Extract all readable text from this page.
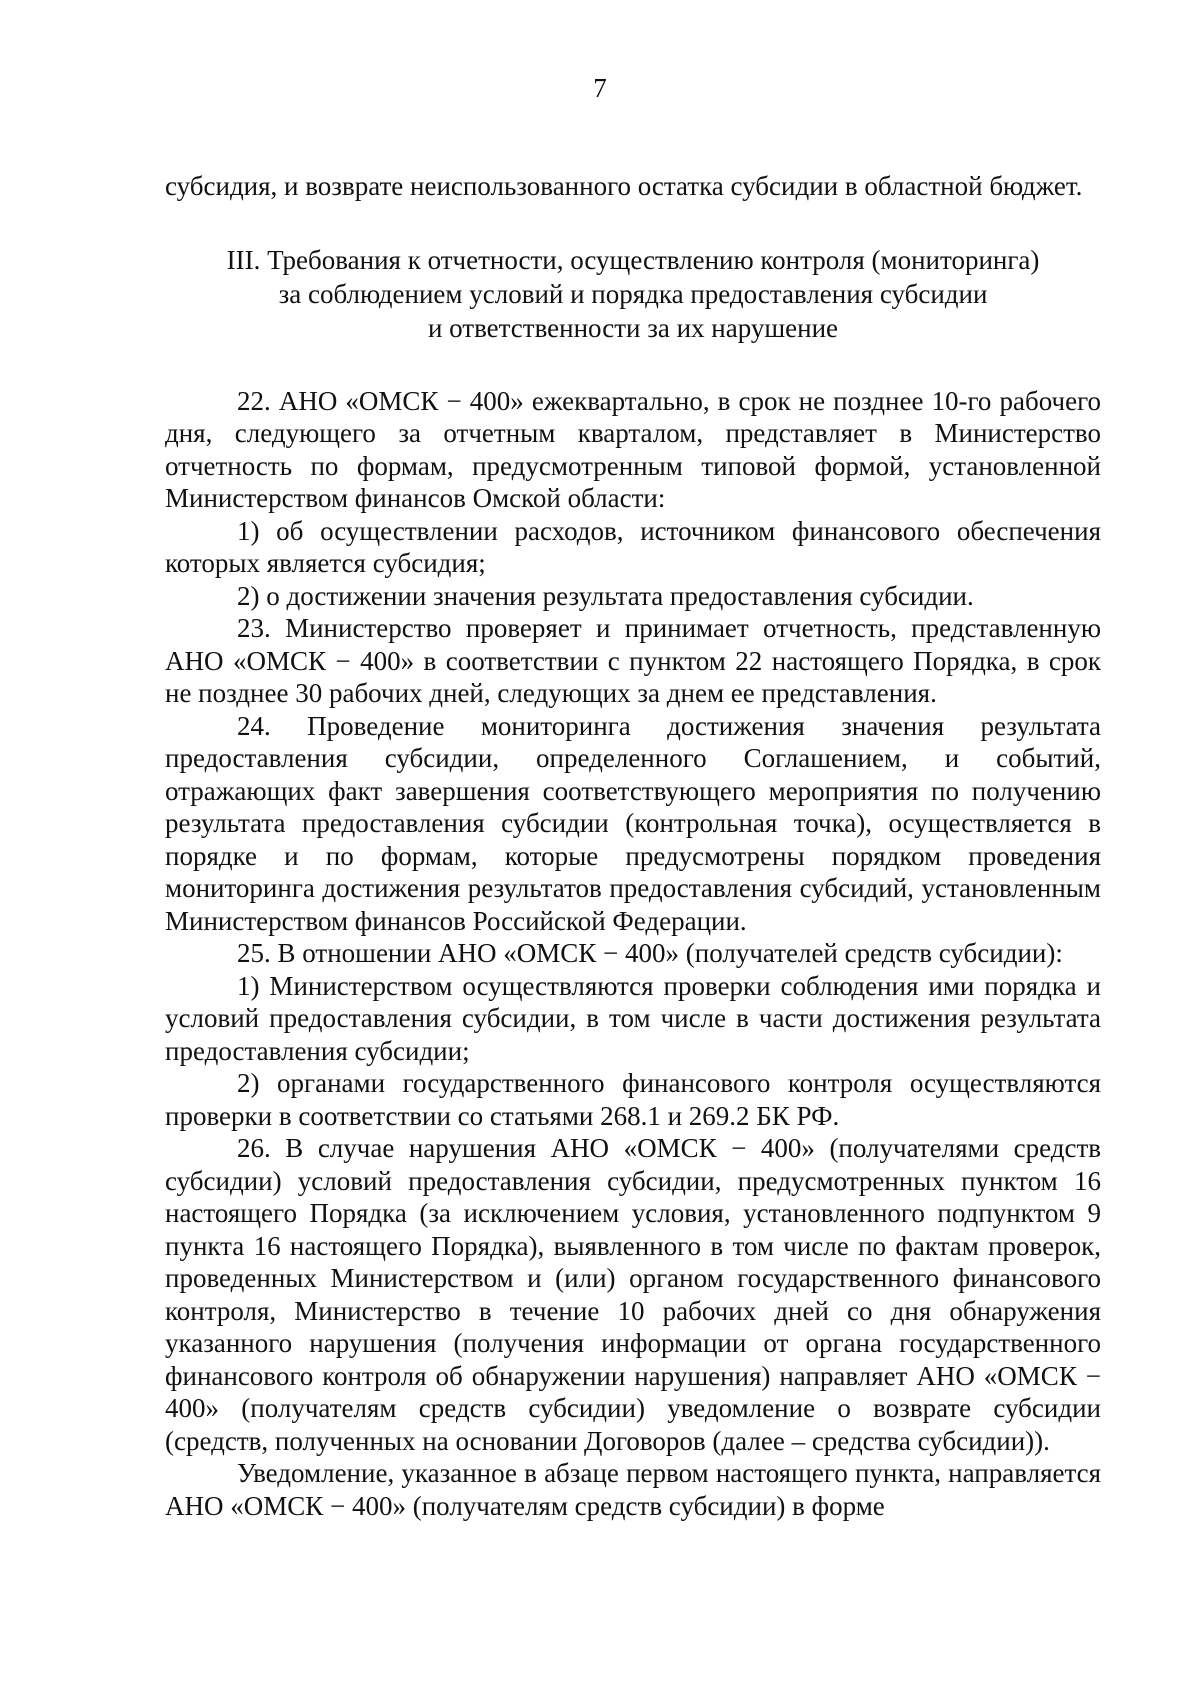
7

субсидия, и возврате неиспользованного остатка субсидии в областной бюджет.

III. Требования к отчетности, осуществлению контроля (мониторинга)
за соблюдением условий и порядка предоставления субсидии
и ответственности за их нарушение

22. АНО «ОМСК − 400» ежеквартально, в срок не позднее 10-го рабочего дня, следующего за отчетным кварталом, представляет в Министерство отчетность по формам, предусмотренным типовой формой, установленной Министерством финансов Омской области:

1) об осуществлении расходов, источником финансового обеспечения которых является субсидия;

2) о достижении значения результата предоставления субсидии.

23. Министерство проверяет и принимает отчетность, представленную АНО «ОМСК − 400» в соответствии с пунктом 22 настоящего Порядка, в срок не позднее 30 рабочих дней, следующих за днем ее представления.

24. Проведение мониторинга достижения значения результата предоставления субсидии, определенного Соглашением, и событий, отражающих факт завершения соответствующего мероприятия по получению результата предоставления субсидии (контрольная точка), осуществляется в порядке и по формам, которые предусмотрены порядком проведения мониторинга достижения результатов предоставления субсидий, установленным Министерством финансов Российской Федерации.

25. В отношении АНО «ОМСК − 400» (получателей средств субсидии):

1) Министерством осуществляются проверки соблюдения ими порядка и условий предоставления субсидии, в том числе в части достижения результата предоставления субсидии;

2) органами государственного финансового контроля осуществляются проверки в соответствии со статьями 268.1 и 269.2 БК РФ.

26. В случае нарушения АНО «ОМСК − 400» (получателями средств субсидии) условий предоставления субсидии, предусмотренных пунктом 16 настоящего Порядка (за исключением условия, установленного подпунктом 9 пункта 16 настоящего Порядка), выявленного в том числе по фактам проверок, проведенных Министерством и (или) органом государственного финансового контроля, Министерство в течение 10 рабочих дней со дня обнаружения указанного нарушения (получения информации от органа государственного финансового контроля об обнаружении нарушения) направляет АНО «ОМСК − 400» (получателям средств субсидии) уведомление о возврате субсидии (средств, полученных на основании Договоров (далее – средства субсидии)).

Уведомление, указанное в абзаце первом настоящего пункта, направляется АНО «ОМСК − 400» (получателям средств субсидии) в форме
